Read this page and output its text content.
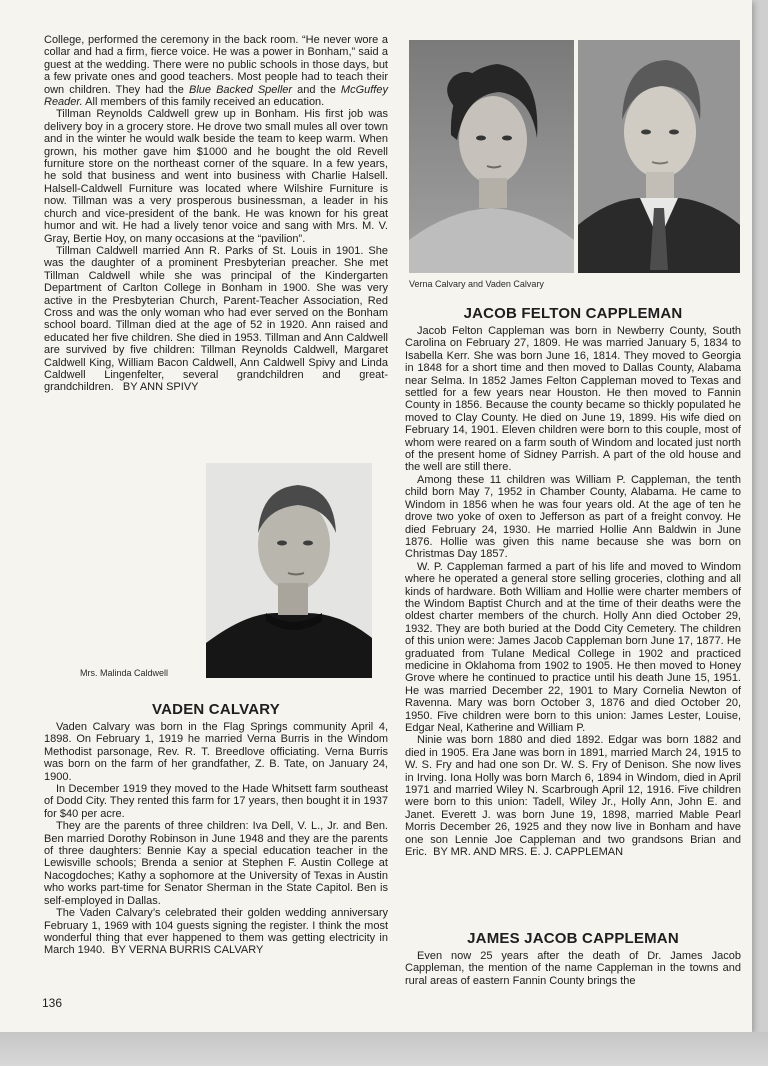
College, performed the ceremony in the back room. “He never wore a collar and had a firm, fierce voice. He was a power in Bonham,” said a guest at the wedding. There were no public schools in those days, but a few private ones and good teachers. Most people had to teach their own children. They had the Blue Backed Speller and the McGuffey Reader. All members of this family received an education.

Tillman Reynolds Caldwell grew up in Bonham. His first job was delivery boy in a grocery store. He drove two small mules all over town and in the winter he would walk beside the team to keep warm. When grown, his mother gave him $1000 and he bought the old Revell furniture store on the northeast corner of the square. In a few years, he sold that business and went into business with Charlie Halsell. Halsell-Caldwell Furniture was located where Wilshire Furniture is now. Tillman was a very prosperous businessman, a leader in his church and vice-president of the bank. He was known for his great humor and wit. He had a lively tenor voice and sang with Mrs. M. V. Gray, Bertie Hoy, on many occasions at the “pavilion”.

Tillman Caldwell married Ann R. Parks of St. Louis in 1901. She was the daughter of a prominent Presbyterian preacher. She met Tillman Caldwell while she was principal of the Kindergarten Department of Carlton College in Bonham in 1900. She was very active in the Presbyterian Church, Parent-Teacher Association, Red Cross and was the only woman who had ever served on the Bonham school board. Tillman died at the age of 52 in 1920. Ann raised and educated her five children. She died in 1953. Tillman and Ann Caldwell are survived by five children: Tillman Reynolds Caldwell, Margaret Caldwell King, William Bacon Caldwell, Ann Caldwell Spivy and Linda Caldwell Lingenfelter, several grandchildren and great-grandchildren. BY ANN SPIVY

Mrs. Malinda Caldwell
VADEN CALVARY

Vaden Calvary was born in the Flag Springs community April 4, 1898. On February 1, 1919 he married Verna Burris in the Windom Methodist parsonage, Rev. R. T. Breedlove officiating. Verna Burris was born on the farm of her grandfather, Z. B. Tate, on January 24, 1900.

In December 1919 they moved to the Hade Whitsett farm southeast of Dodd City. They rented this farm for 17 years, then bought it in 1937 for $40 per acre.

They are the parents of three children: Iva Dell, V. L., Jr. and Ben. Ben married Dorothy Robinson in June 1948 and they are the parents of three daughters: Bennie Kay a special education teacher in the Lewisville schools; Brenda a senior at Stephen F. Austin College at Nacogdoches; Kathy a sophomore at the University of Texas in Austin who works part-time for Senator Sherman in the State Capitol. Ben is self-employed in Dallas.

The Vaden Calvary’s celebrated their golden wedding anniversary February 1, 1969 with 104 guests signing the register. I think the most wonderful thing that ever happened to them was getting electricity in March 1940. BY VERNA BURRIS CALVARY

Verna Calvary and Vaden Calvary
JACOB FELTON CAPPLEMAN

Jacob Felton Cappleman was born in Newberry County, South Carolina on February 27, 1809. He was married January 5, 1834 to Isabella Kerr. She was born June 16, 1814. They moved to Georgia in 1848 for a short time and then moved to Dallas County, Alabama near Selma. In 1852 James Felton Cappleman moved to Texas and settled for a few years near Houston. He then moved to Fannin County in 1856. Because the county became so thickly populated he moved to Clay County. He died on June 19, 1899. His wife died on February 14, 1901. Eleven children were born to this couple, most of whom were reared on a farm south of Windom and located just north of the present home of Sidney Parrish. A part of the old house and the well are still there.

Among these 11 children was William P. Cappleman, the tenth child born May 7, 1952 in Chamber County, Alabama. He came to Windom in 1856 when he was four years old. At the age of ten he drove two yoke of oxen to Jefferson as part of a freight convoy. He died February 24, 1930. He married Hollie Ann Baldwin in June 1876. Hollie was given this name because she was born on Christmas Day 1857.

W. P. Cappleman farmed a part of his life and moved to Windom where he operated a general store selling groceries, clothing and all kinds of hardware. Both William and Hollie were charter members of the Windom Baptist Church and at the time of their deaths were the oldest charter members of the church. Holly Ann died October 29, 1932. They are both buried at the Dodd City Cemetery. The children of this union were: James Jacob Cappleman born June 17, 1877. He graduated from Tulane Medical College in 1902 and practiced medicine in Oklahoma from 1902 to 1905. He then moved to Honey Grove where he continued to practice until his death June 15, 1951. He was married December 22, 1901 to Mary Cornelia Newton of Ravenna. Mary was born October 3, 1876 and died October 20, 1950. Five children were born to this union: James Lester, Louise, Edgar Neal, Katherine and William P.

Ninie was born 1880 and died 1892. Edgar was born 1882 and died in 1905. Era Jane was born in 1891, married March 24, 1915 to W. S. Fry and had one son Dr. W. S. Fry of Denison. She now lives in Irving. Iona Holly was born March 6, 1894 in Windom, died in April 1971 and married Wiley N. Scarbrough April 12, 1916. Five children were born to this union: Tadell, Wiley Jr., Holly Ann, John E. and Janet. Everett J. was born June 19, 1898, married Mable Pearl Morris December 26, 1925 and they now live in Bonham and have one son Lennie Joe Cappleman and two grandsons Brian and Eric. BY MR. AND MRS. E. J. CAPPLEMAN

JAMES JACOB CAPPLEMAN

Even now 25 years after the death of Dr. James Jacob Cappleman, the mention of the name Cappleman in the towns and rural areas of eastern Fannin County brings the

136
